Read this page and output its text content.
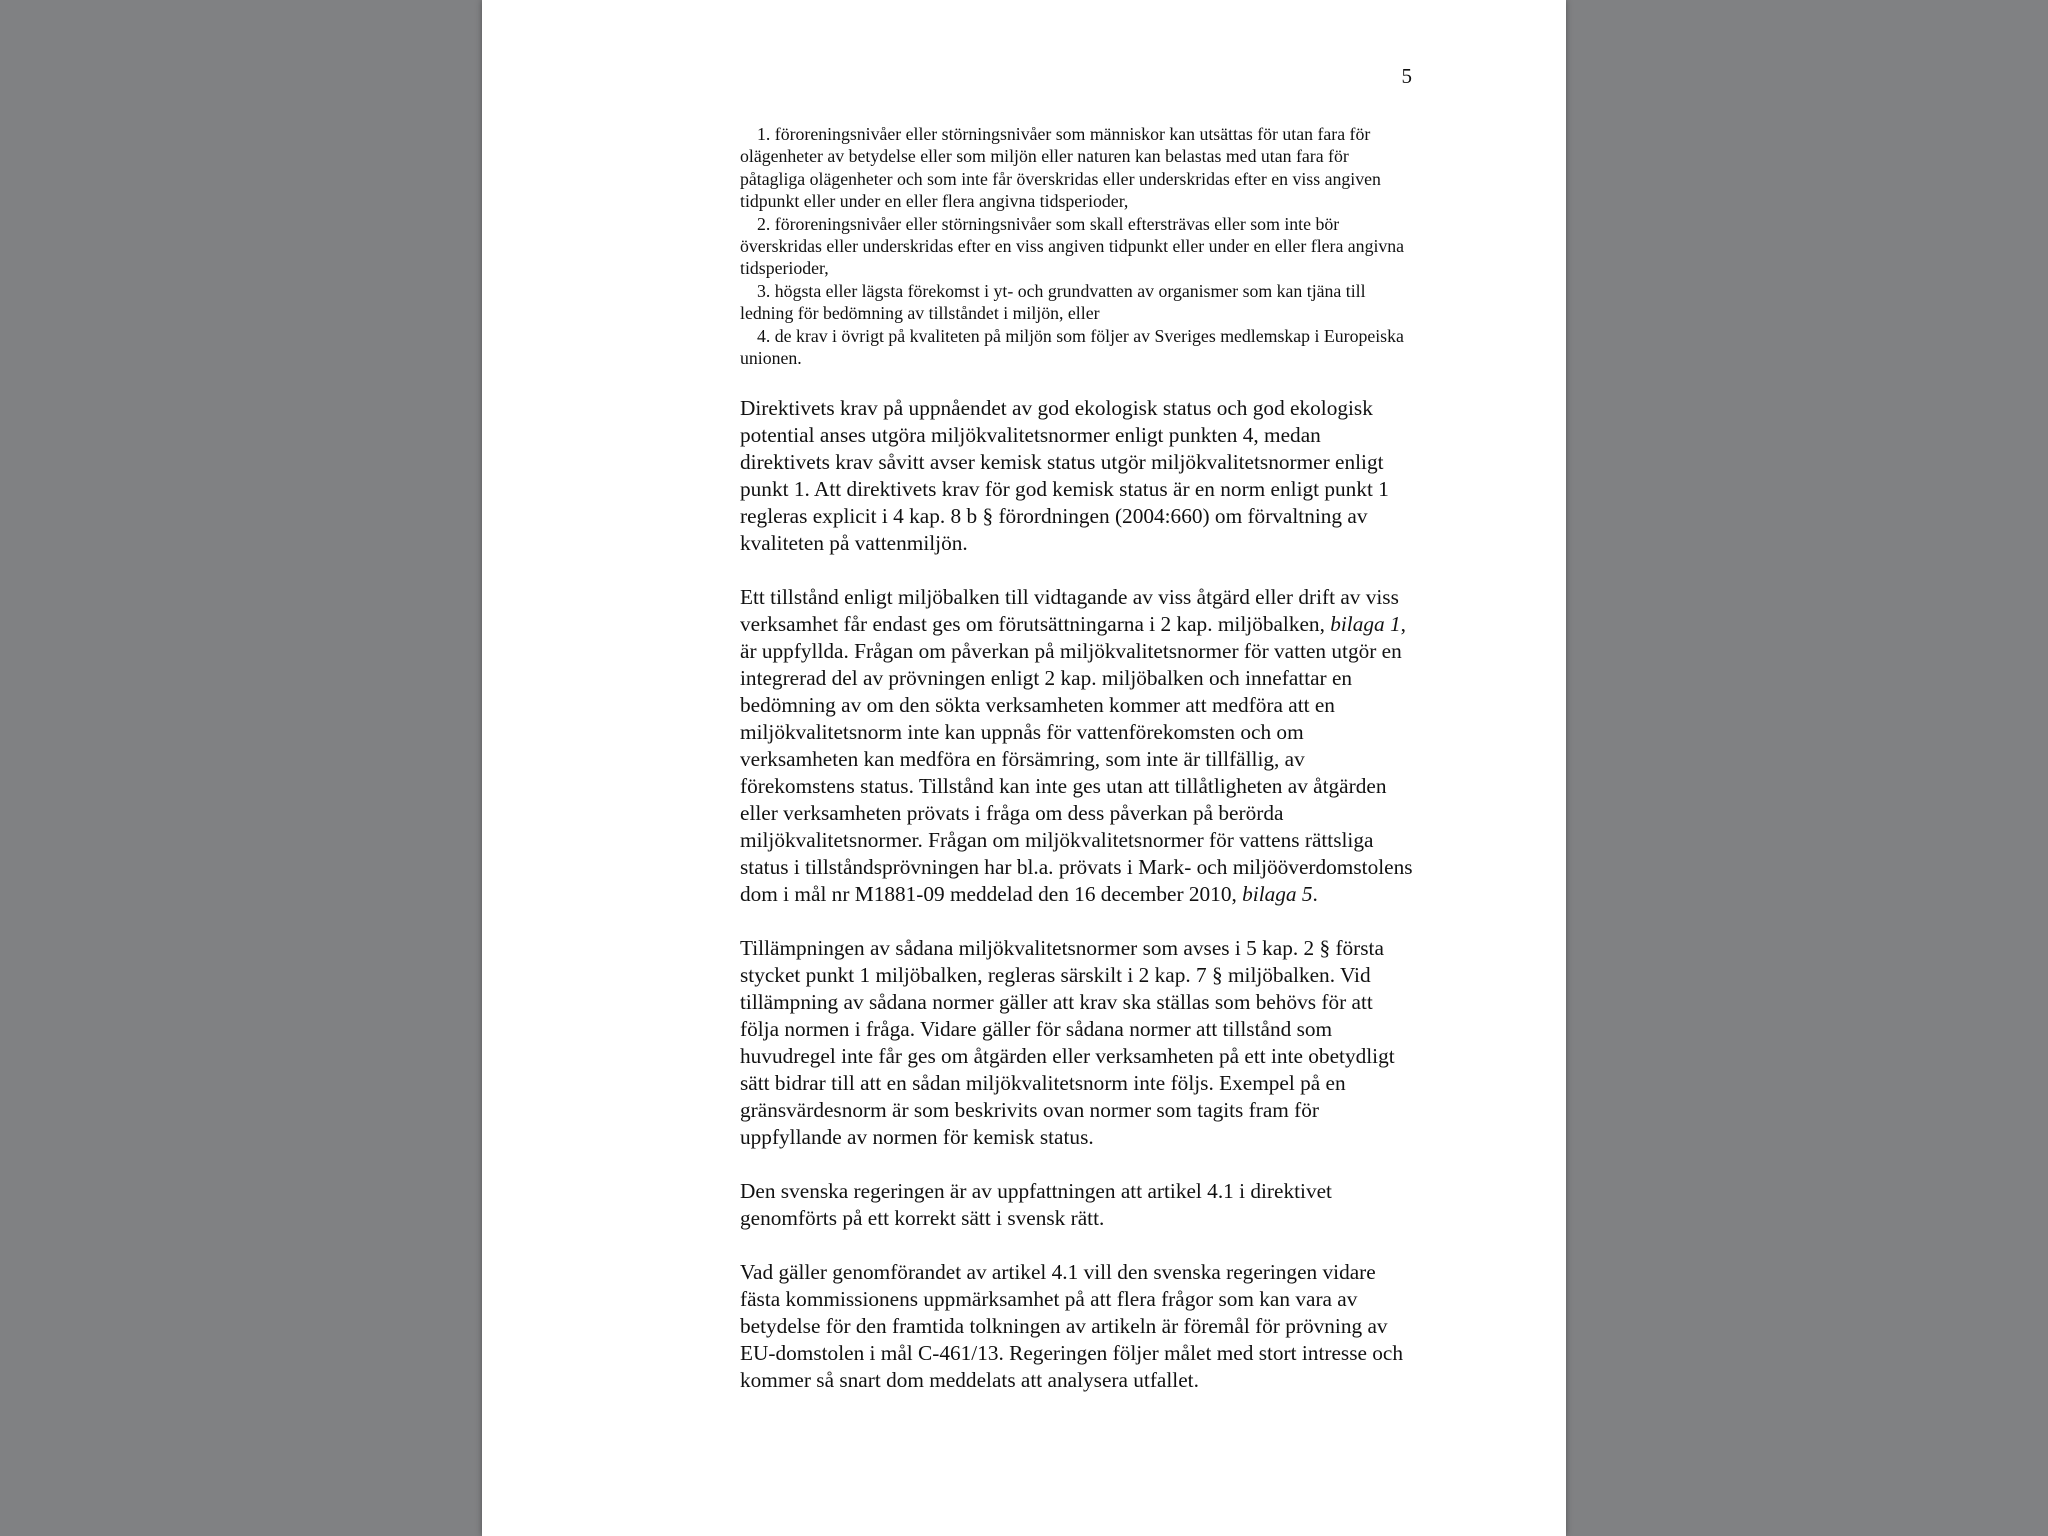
5
1. föroreningsnivåer eller störningsnivåer som människor kan utsättas för utan fara för olägenheter av betydelse eller som miljön eller naturen kan belastas med utan fara för påtagliga olägenheter och som inte får överskridas eller underskridas efter en viss angiven tidpunkt eller under en eller flera angivna tidsperioder,
2. föroreningsnivåer eller störningsnivåer som skall eftersträvas eller som inte bör överskridas eller underskridas efter en viss angiven tidpunkt eller under en eller flera angivna tidsperioder,
3. högsta eller lägsta förekomst i yt- och grundvatten av organismer som kan tjäna till ledning för bedömning av tillståndet i miljön, eller
4. de krav i övrigt på kvaliteten på miljön som följer av Sveriges medlemskap i Europeiska unionen.

Direktivets krav på uppnåendet av god ekologisk status och god ekologisk potential anses utgöra miljökvalitetsnormer enligt punkten 4, medan direktivets krav såvitt avser kemisk status utgör miljökvalitetsnormer enligt punkt 1. Att direktivets krav för god kemisk status är en norm enligt punkt 1 regleras explicit i 4 kap. 8 b § förordningen (2004:660) om förvaltning av kvaliteten på vattenmiljön.

Ett tillstånd enligt miljöbalken till vidtagande av viss åtgärd eller drift av viss verksamhet får endast ges om förutsättningarna i 2 kap. miljöbalken, bilaga 1, är uppfyllda. Frågan om påverkan på miljökvalitetsnormer för vatten utgör en integrerad del av prövningen enligt 2 kap. miljöbalken och innefattar en bedömning av om den sökta verksamheten kommer att medföra att en miljökvalitetsnorm inte kan uppnås för vattenförekomsten och om verksamheten kan medföra en försämring, som inte är tillfällig, av förekomstens status. Tillstånd kan inte ges utan att tillåtligheten av åtgärden eller verksamheten prövats i fråga om dess påverkan på berörda miljökvalitetsnormer. Frågan om miljökvalitetsnormer för vattens rättsliga status i tillståndsprövningen har bl.a. prövats i Mark- och miljööverdomstolens dom i mål nr M1881-09 meddelad den 16 december 2010, bilaga 5.

Tillämpningen av sådana miljökvalitetsnormer som avses i 5 kap. 2 § första stycket punkt 1 miljöbalken, regleras särskilt i 2 kap. 7 § miljöbalken. Vid tillämpning av sådana normer gäller att krav ska ställas som behövs för att följa normen i fråga. Vidare gäller för sådana normer att tillstånd som huvudregel inte får ges om åtgärden eller verksamheten på ett inte obetydligt sätt bidrar till att en sådan miljökvalitetsnorm inte följs. Exempel på en gränsvärdesnorm är som beskrivits ovan normer som tagits fram för uppfyllande av normen för kemisk status.

Den svenska regeringen är av uppfattningen att artikel 4.1 i direktivet genomförts på ett korrekt sätt i svensk rätt.

Vad gäller genomförandet av artikel 4.1 vill den svenska regeringen vidare fästa kommissionens uppmärksamhet på att flera frågor som kan vara av betydelse för den framtida tolkningen av artikeln är föremål för prövning av EU-domstolen i mål C-461/13. Regeringen följer målet med stort intresse och kommer så snart dom meddelats att analysera utfallet.
